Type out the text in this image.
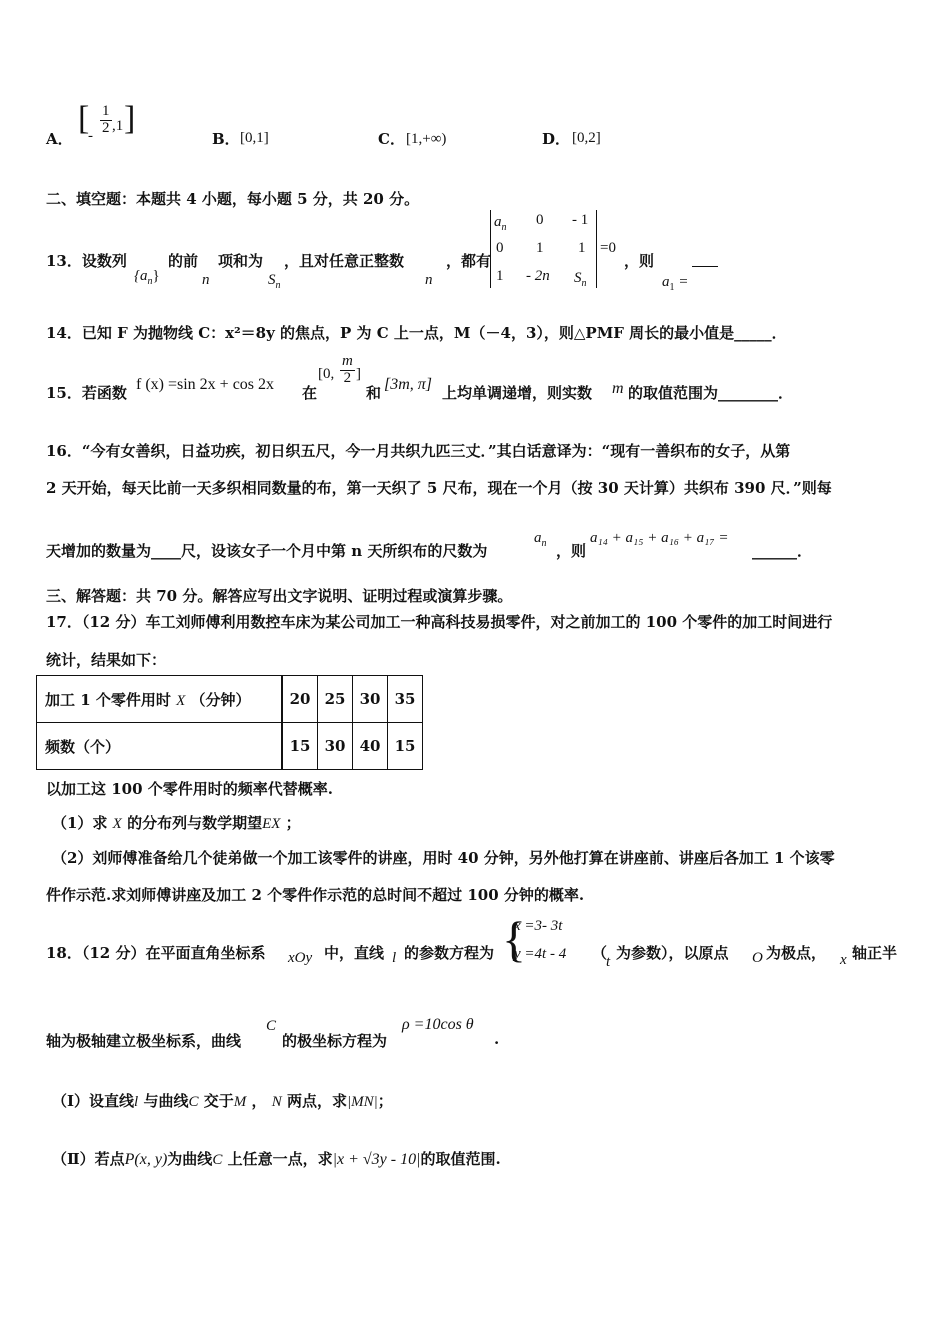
A．
[
- $\frac{1}{2} ,1$ ]
B． [0,1]	C． [1,+∞)	D． [0,2]
二、填空题：本题共 4 小题，每小题 5 分，共 20 分。
13．设数列
$\{a_n\}$
的前
n
项和为
$S_n$
，且对任意正整数
n
，都有
$a_n$ 0 - 1
0 1 1
1 - 2n $S_n$
=0
，则
$a_1$ =
14．已知 F 为抛物线 C：x²＝8y 的焦点，P 为 C 上一点，M（－4，3），则△PMF 周长的最小值是_____．
15．若函数 f (x) =sin 2x + cos 2x 在
[0, $\frac{m}{2}$ ]
和 [3m, π] 上均单调递增，则实数 m 的取值范围为________．
16．“今有女善织，日益功疾，初日织五尺，今一月共织九匹三丈．”其白话意译为：“现有一善织布的女子，从第
2 天开始，每天比前一天多织相同数量的布，第一天织了 5 尺布，现在一个月（按 30 天计算）共织布 390 尺．”则每
天增加的数量为____尺，设该女子一个月中第 n 天所织布的尺数为
$a_n$ ，则
a₁₄ + a₁₅ + a₁₆ + a₁₇ =
______．
三、解答题：共 70 分。解答应写出文字说明、证明过程或演算步骤。
17．（12 分）车工刘师傅利用数控车床为某公司加工一种高科技易损零件，对之前加工的 100 个零件的加工时间进行
统计，结果如下：
加工 1 个零件用时 X （分钟）	20	25	30	35
频数（个）	15	30	40	15
以加工这 100 个零件用时的频率代替概率.
（1）求 X 的分布列与数学期望EX ；
（2）刘师傅准备给几个徒弟做一个加工该零件的讲座，用时 40 分钟，另外他打算在讲座前、讲座后各加工 1 个该零
件作示范.求刘师傅讲座及加工 2 个零件作示范的总时间不超过 100 分钟的概率.
18．（12 分）在平面直角坐标系 xOy 中，直线 l 的参数方程为 {
x =3- 3t
y =4t - 4 （
t 为参数），以原点 O 为极点， x 轴正半
轴为极轴建立极坐标系，曲线
C
的极坐标方程为
ρ =10cos θ
.
（Ⅰ）设直线l 与曲线C 交于M ， N 两点，求|MN|；
（Ⅱ）若点P(x, y)为曲线C 上任意一点，求|x + √3y - 10|的取值范围.
